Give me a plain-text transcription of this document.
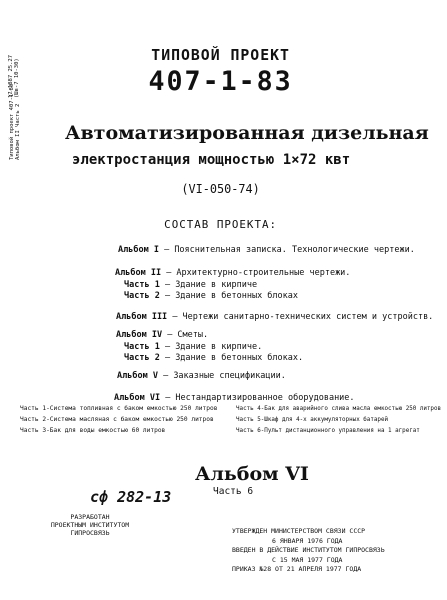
17-1887 25.27 (Шв-7 10-30)
Типовой проект 407-1-83 Альбом II Часть 2
ТИПОВОЙ ПРОЕКТ
407-1-83
Автоматизированная дизельная
электростанция мощностью 1×72 квт
(VI-050-74)
СОСТАВ ПРОЕКТА:
Альбом I – Пояснительная записка. Технологические чертежи.
Альбом II – Архитектурно-строительные чертежи.
Часть 1 – Здание в кирпиче
Часть 2 – Здание в бетонных блоках
Альбом III – Чертежи санитарно-технических систем и устройств.
Альбом IV – Сметы.
Часть 1 – Здание в кирпиче.
Часть 2 – Здание в бетонных блоках.
Альбом V – Заказные спецификации.
Альбом VI – Нестандартизированное оборудование.
Часть 1-Система топливная с баком емкостью 250 литров
Часть 2-Система масляная с баком емкостью 250 литров
Часть 3-Бак для воды емкостью 60 литров
Часть 4-Бак для аварийного слива масла емкостью 250 литров
Часть 5-Шкаф для 4-х аккумуляторных батарей
Часть 6-Пульт дистанционного управления на 1 агрегат
Альбом VI
Часть 6
сф 282-13
РАЗРАБОТАН
ПРОЕКТНЫМ ИНСТИТУТОМ
ГИПРОСВЯЗЬ	УТВЕРЖДЕН МИНИСТЕРСТВОМ СВЯЗИ СССР
6 ЯНВАРЯ 1976 ГОДА
ВВЕДЕН В ДЕЙСТВИЕ ИНСТИТУТОМ ГИПРОСВЯЗЬ
С 15 МАЯ 1977 ГОДА
ПРИКАЗ №28 ОТ 21 АПРЕЛЯ 1977 ГОДА
